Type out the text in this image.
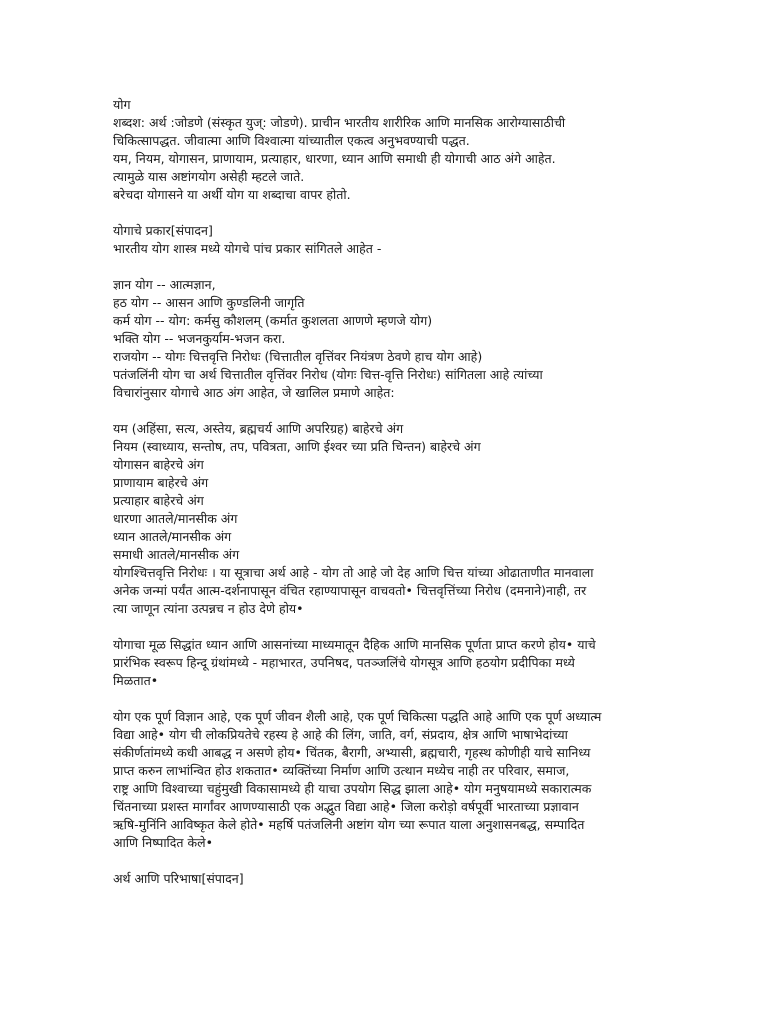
योग
शब्दश: अर्थ :जोडणे (संस्कृत युज्: जोडणे). प्राचीन भारतीय शारीरिक आणि मानसिक आरोग्यासाठीची
चिकित्सापद्धत. जीवात्मा आणि विश्वात्मा यांच्यातील एकत्व अनुभवण्याची पद्धत.
यम, नियम, योगासन, प्राणायाम, प्रत्याहार, धारणा, ध्यान आणि समाधी ही योगाची आठ अंगे आहेत.
त्यामुळे यास अष्टांगयोग असेही म्हटले जाते.
बरेचदा योगासने या अर्थी योग या शब्दाचा वापर होतो.
योगाचे प्रकार[संपादन]
भारतीय योग शास्त्र मध्ये योगचे पांच प्रकार सांगितले आहेत -
ज्ञान योग -- आत्मज्ञान,
हठ योग -- आसन आणि कुण्डलिनी जागृति
कर्म योग -- योग: कर्मसु कौशलम् (कर्मात कुशलता आणणे म्हणजे योग)
भक्ति योग -- भजनकुर्याम-भजन करा.
राजयोग -- योगः चित्तवृत्ति निरोधः (चित्तातील वृत्तिंवर नियंत्रण ठेवणे हाच योग आहे)
पतंजलिंनी योग चा अर्थ चित्तातील वृत्तिंवर निरोध (योगः चित्त-वृत्ति निरोधः) सांगितला आहे त्यांच्या
विचारांनुसार योगाचे आठ अंग आहेत, जे खालिल प्रमाणे आहेत:
यम (अहिंसा, सत्य, अस्तेय, ब्रह्मचर्य आणि अपरिग्रह) बाहेरचे अंग
नियम (स्वाध्याय, सन्तोष, तप, पवित्रता, आणि ईश्वर च्या प्रति चिन्तन) बाहेरचे अंग
योगासन बाहेरचे अंग
प्राणायाम बाहेरचे अंग
प्रत्याहार बाहेरचे अंग
धारणा आतले/मानसीक अंग
ध्यान आतले/मानसीक अंग
समाधी आतले/मानसीक अंग
योगश्चित्तवृत्ति निरोधः । या सूत्राचा अर्थ आहे - योग तो आहे जो देह आणि चित्त यांच्या ओढाताणीत मानवाला
अनेक जन्मां पर्यंत आत्म-दर्शनापासून वंचित रहाण्यापासून वाचवतो• चित्तवृत्तिंच्या निरोध (दमनाने)नाही, तर
त्या जाणून त्यांना उत्पन्नच न होउ देणे होय•
योगाचा मूळ सिद्धांत ध्यान आणि आसनांच्या माध्यमातून दैहिक आणि मानसिक पूर्णता प्राप्त करणे होय• याचे
प्रारंभिक स्वरूप हिन्दू ग्रंथांमध्ये - महाभारत, उपनिषद, पतञ्जलिंचे योगसूत्र आणि हठयोग प्रदीपिका मध्ये
मिळतात•
योग एक पूर्ण विज्ञान आहे, एक पूर्ण जीवन शैली आहे, एक पूर्ण चिकित्सा पद्धति आहे आणि एक पूर्ण अध्यात्म
विद्या आहे• योग ची लोकप्रियतेचे रहस्य हे आहे की लिंग, जाति, वर्ग, संप्रदाय, क्षेत्र आणि भाषाभेदांच्या
संकीर्णतांमध्ये कधी आबद्ध न असणे होय• चिंतक, बैरागी, अभ्यासी, ब्रह्मचारी, गृहस्थ कोणीही याचे सानिध्य
प्राप्त करुन लाभांन्वित होउ शकतात• व्यक्तिंच्या निर्माण आणि उत्थान मध्येच नाही तर परिवार, समाज,
राष्ट्र आणि विश्वाच्या चहुंमुखी विकासामध्ये ही याचा उपयोग सिद्ध झाला आहे• योग मनुषयामध्ये सकारात्मक
चिंतनाच्या प्रशस्त मार्गांवर आणण्यासाठी एक अद्भुत विद्या आहे• जिला करोड़ो वर्षपूर्वी भारताच्या प्रज्ञावान
ऋषि-मुनिंनि आविष्कृत केले होते• महर्षि पतंजलिनी अष्टांग योग च्या रूपात याला अनुशासनबद्ध, सम्पादित
आणि निष्पादित केले•
अर्थ आणि परिभाषा[संपादन]
